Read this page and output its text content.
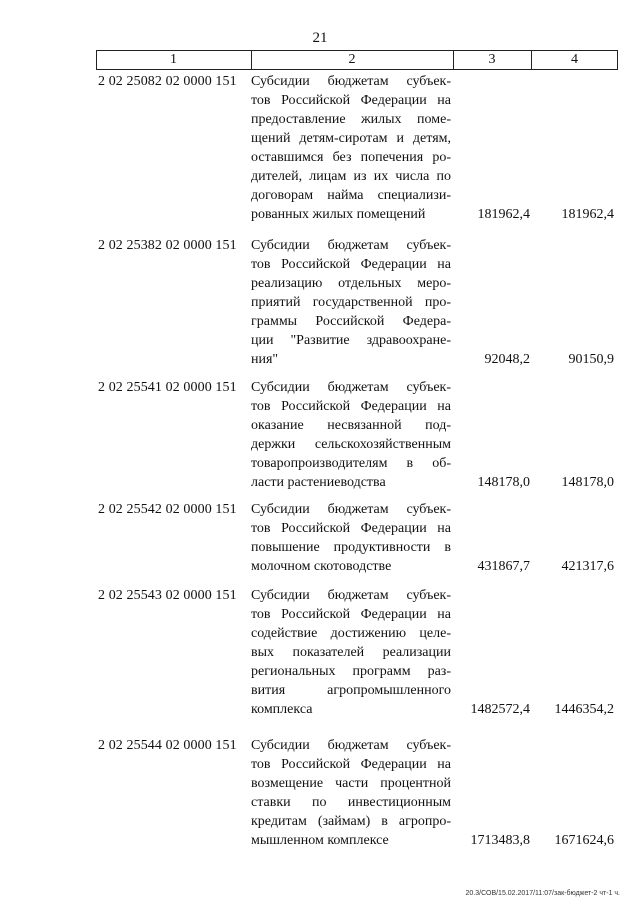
21
1	2	3	4
2 02 25082 02 0000 151 Субсидии бюджетам субъек-
тов Российской Федерации на
предоставление жилых поме-
щений детям-сиротам и детям,
оставшимся без попечения ро-
дителей, лицам из их числа по
договорам найма специализи-
рованных жилых помещений	181962,4 181962,4
2 02 25382 02 0000 151 Субсидии бюджетам субъек-
тов Российской Федерации на
реализацию отдельных меро-
приятий государственной про-
граммы Российской Федера-
ции "Развитие здравоохране-
ния"	92048,2	90150,9
2 02 25541 02 0000 151 Субсидии бюджетам субъек-
тов Российской Федерации на
оказание несвязанной под-
держки сельскохозяйственным
товаропроизводителям в об-
ласти растениеводства	148178,0 148178,0
2 02 25542 02 0000 151 Субсидии бюджетам субъек-
тов Российской Федерации на
повышение продуктивности в
молочном скотоводстве	431867,7 421317,6
2 02 25543 02 0000 151 Субсидии бюджетам субъек-
тов Российской Федерации на
содействие достижению целе-
вых показателей реализации
региональных программ раз-
вития агропромышленного
комплекса	1482572,4 1446354,2
2 02 25544 02 0000 151 Субсидии бюджетам субъек-
тов Российской Федерации на
возмещение части процентной
ставки по инвестиционным
кредитам (займам) в агропро-
мышленном комплексе	1713483,8 1671624,6
20.3/СОВ/15.02.2017/11:07/зак-бюджет-2 чт-1 ч.
